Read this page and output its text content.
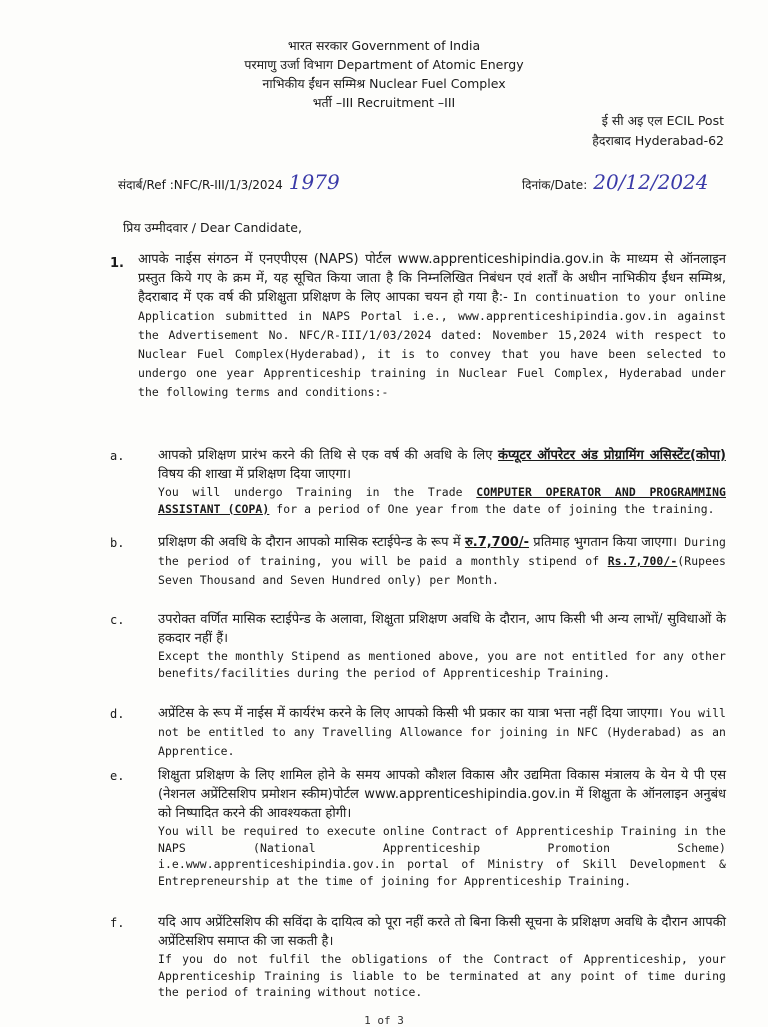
भारत सरकार Government of India
परमाणु उर्जा विभाग Department of Atomic Energy
नाभिकीय ईंधन सम्मिश्र Nuclear Fuel Complex
भर्ती –III Recruitment –III
ई सी अइ एल ECIL Post
हैदराबाद Hyderabad-62
संदार्ब/Ref :NFC/R-III/1/3/2024 1979	दिनांक/Date: 20/12/2024
प्रिय उम्मीदवार / Dear Candidate,
1. आपके नाईस संगठन में एनएपीएस (NAPS) पोर्टल www.apprenticeshipindia.gov.in के माध्यम से ऑनलाइन प्रस्तुत किये गए के क्रम में, यह सूचित किया जाता है कि निम्नलिखित निबंधन एवं शर्तों के अधीन नाभिकीय ईंधन सम्मिश्र, हैदराबाद में एक वर्ष की प्रशिक्षुता प्रशिक्षण के लिए आपका चयन हो गया है:- In continuation to your online Application submitted in NAPS Portal i.e., www.apprenticeshipindia.gov.in against the Advertisement No. NFC/R-III/1/03/2024 dated: November 15,2024 with respect to Nuclear Fuel Complex(Hyderabad), it is to convey that you have been selected to undergo one year Apprenticeship training in Nuclear Fuel Complex, Hyderabad under the following terms and conditions:-
a.	आपको प्रशिक्षण प्रारंभ करने की तिथि से एक वर्ष की अवधि के लिए कंप्यूटर ऑपरेटर अंड प्रोग्रामिंग असिस्टेंट(कोपा) विषय की शाखा में प्रशिक्षण दिया जाएगा।
You will undergo Training in the Trade COMPUTER OPERATOR AND PROGRAMMING ASSISTANT (COPA) for a period of One year from the date of joining the training.
b.	प्रशिक्षण की अवधि के दौरान आपको मासिक स्टाईपेन्ड के रूप में रु.7,700/- प्रतिमाह भुगतान किया जाएगा। During the period of training, you will be paid a monthly stipend of Rs.7,700/-(Rupees Seven Thousand and Seven Hundred only) per Month.
c.	उपरोक्त वर्णित मासिक स्टाईपेन्ड के अलावा, शिक्षुता प्रशिक्षण अवधि के दौरान, आप किसी भी अन्य लाभों/ सुविधाओं के हकदार नहीं हैं।
Except the monthly Stipend as mentioned above, you are not entitled for any other benefits/facilities during the period of Apprenticeship Training.
d.	अप्रेंटिस के रूप में नाईस में कार्यरंभ करने के लिए आपको किसी भी प्रकार का यात्रा भत्ता नहीं दिया जाएगा। You will not be entitled to any Travelling Allowance for joining in NFC (Hyderabad) as an Apprentice.
e.	शिक्षुता प्रशिक्षण के लिए शामिल होने के समय आपको कौशल विकास और उद्यमिता विकास मंत्रालय के येन ये पी एस (नेशनल अप्रेंटिसशिप प्रमोशन स्कीम)पोर्टल www.apprenticeshipindia.gov.in में शिक्षुता के ऑनलाइन अनुबंध को निष्पादित करने की आवश्यकता होगी।
You will be required to execute online Contract of Apprenticeship Training in the NAPS (National Apprenticeship Promotion Scheme) i.e.www.apprenticeshipindia.gov.in portal of Ministry of Skill Development & Entrepreneurship at the time of joining for Apprenticeship Training.
f.	यदि आप अप्रेंटिसशिप की सविंदा के दायित्व को पूरा नहीं करते तो बिना किसी सूचना के प्रशिक्षण अवधि के दौरान आपकी अप्रेंटिसशिप समाप्त की जा सकती है।
If you do not fulfil the obligations of the Contract of Apprenticeship, your Apprenticeship Training is liable to be terminated at any point of time during the period of training without notice.
1 of 3
